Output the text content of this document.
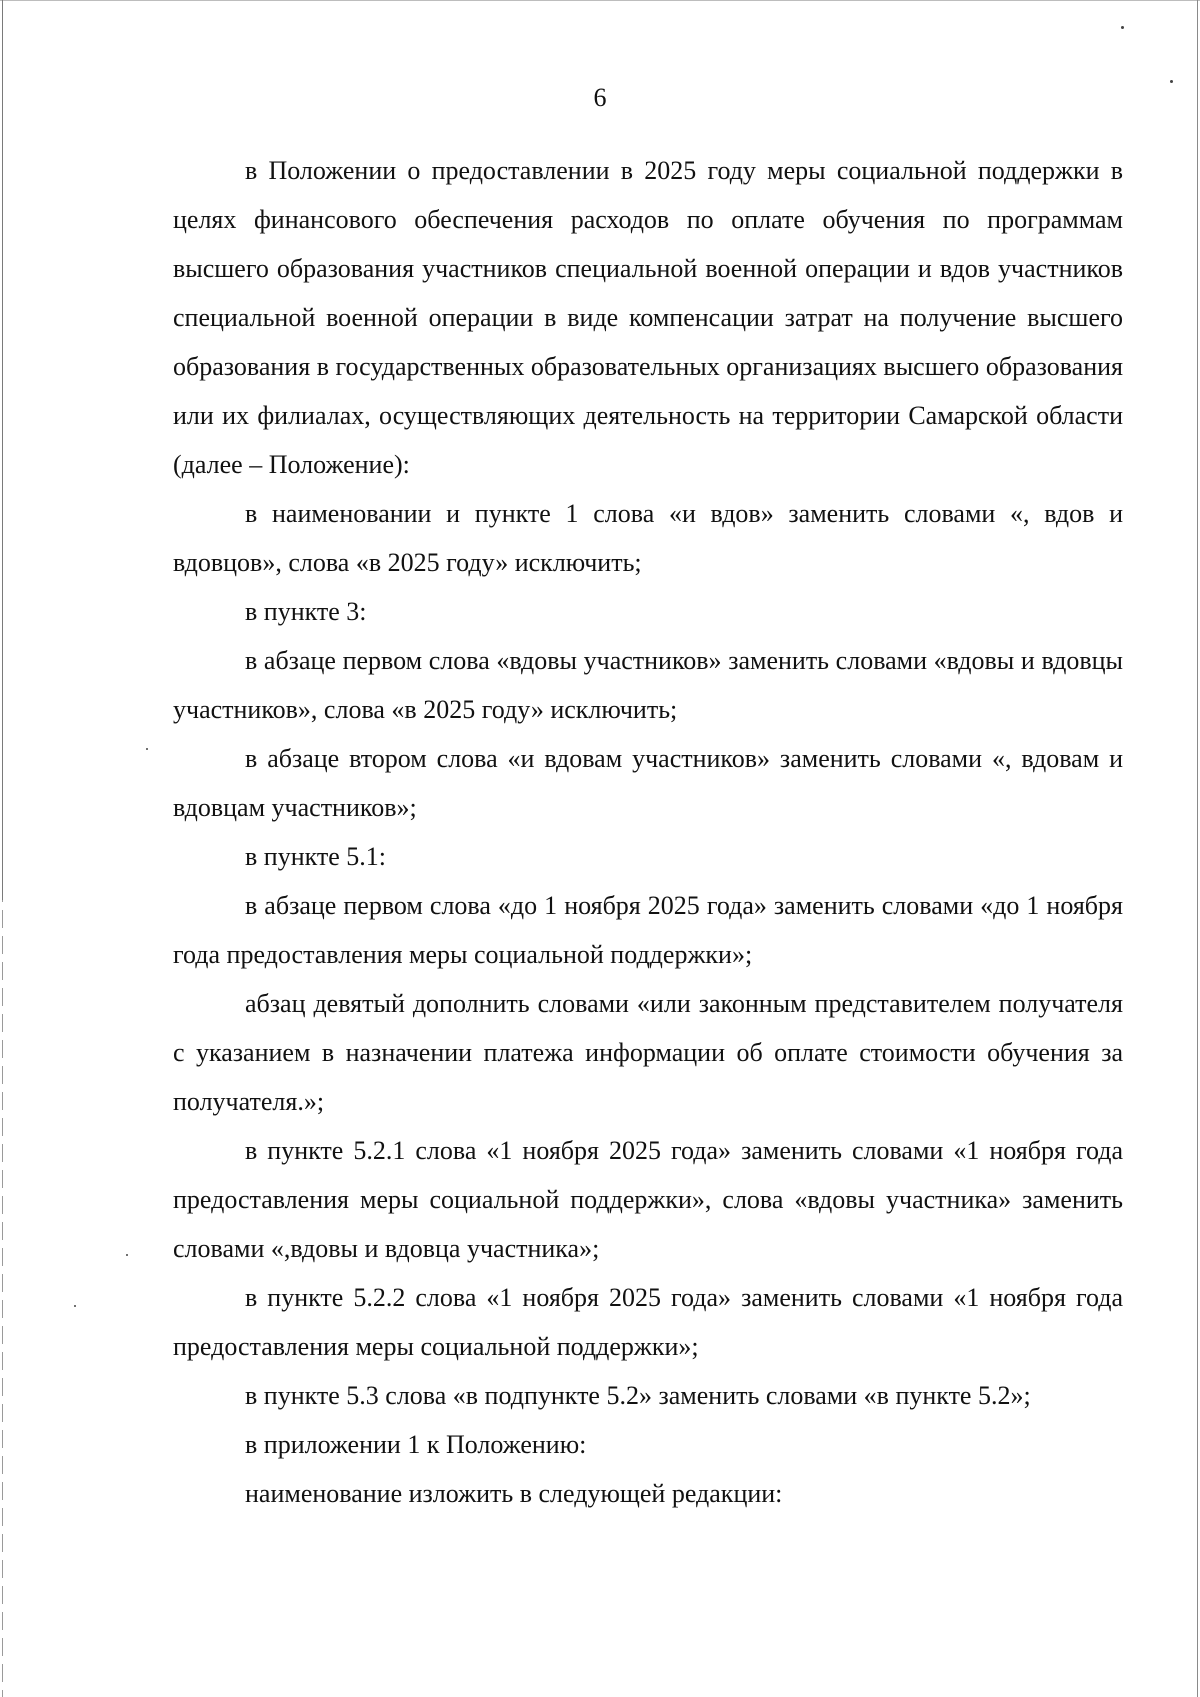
6

в Положении о предоставлении в 2025 году меры социальной поддержки в целях финансового обеспечения расходов по оплате обучения по программам высшего образования участников специальной военной операции и вдов участников специальной военной операции в виде компенсации затрат на получение высшего образования в государственных образовательных организациях высшего образования или их филиалах, осуществляющих деятельность на территории Самарской области (далее – Положение):

в наименовании и пункте 1 слова «и вдов» заменить словами «, вдов и вдовцов», слова «в 2025 году» исключить;

в пункте 3:

в абзаце первом слова «вдовы участников» заменить словами «вдовы и вдовцы участников», слова «в 2025 году» исключить;

в абзаце втором слова «и вдовам участников» заменить словами «, вдовам и вдовцам участников»;

в пункте 5.1:

в абзаце первом слова «до 1 ноября 2025 года» заменить словами «до 1 ноября года предоставления меры социальной поддержки»;

абзац девятый дополнить словами «или законным представителем получателя с указанием в назначении платежа информации об оплате стоимости обучения за получателя.»;

в пункте 5.2.1 слова «1 ноября 2025 года» заменить словами «1 ноября года предоставления меры социальной поддержки», слова «вдовы участника» заменить словами «,вдовы и вдовца участника»;

в пункте 5.2.2 слова «1 ноября 2025 года» заменить словами «1 ноября года предоставления меры социальной поддержки»;

в пункте 5.3 слова «в подпункте 5.2» заменить словами «в пункте 5.2»;

в приложении 1 к Положению:

наименование изложить в следующей редакции:
